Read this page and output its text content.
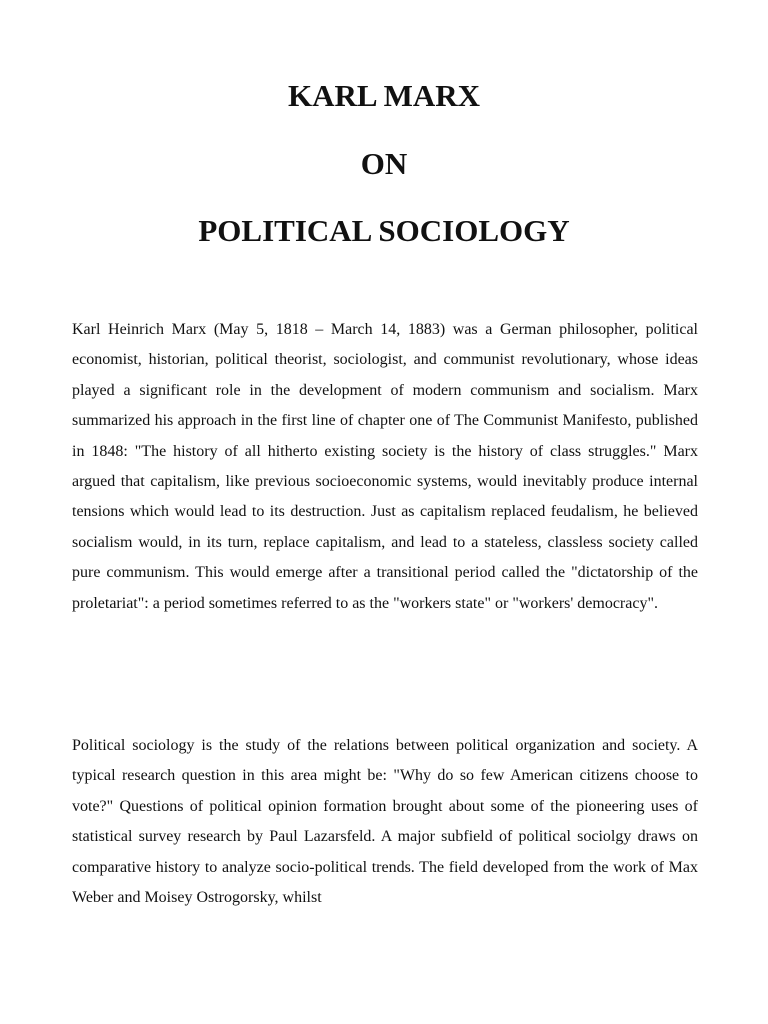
KARL MARX
ON
POLITICAL SOCIOLOGY

Karl Heinrich Marx (May 5, 1818 – March 14, 1883) was a German philosopher, political economist, historian, political theorist, sociologist, and communist revolutionary, whose ideas played a significant role in the development of modern communism and socialism. Marx summarized his approach in the first line of chapter one of The Communist Manifesto, published in 1848: "The history of all hitherto existing society is the history of class struggles." Marx argued that capitalism, like previous socioeconomic systems, would inevitably produce internal tensions which would lead to its destruction. Just as capitalism replaced feudalism, he believed socialism would, in its turn, replace capitalism, and lead to a stateless, classless society called pure communism. This would emerge after a transitional period called the "dictatorship of the proletariat": a period sometimes referred to as the "workers state" or "workers' democracy".

Political sociology is the study of the relations between political organization and society. A typical research question in this area might be: "Why do so few American citizens choose to vote?" Questions of political opinion formation brought about some of the pioneering uses of statistical survey research by Paul Lazarsfeld. A major subfield of political sociolgy draws on comparative history to analyze socio-political trends. The field developed from the work of Max Weber and Moisey Ostrogorsky, whilst
